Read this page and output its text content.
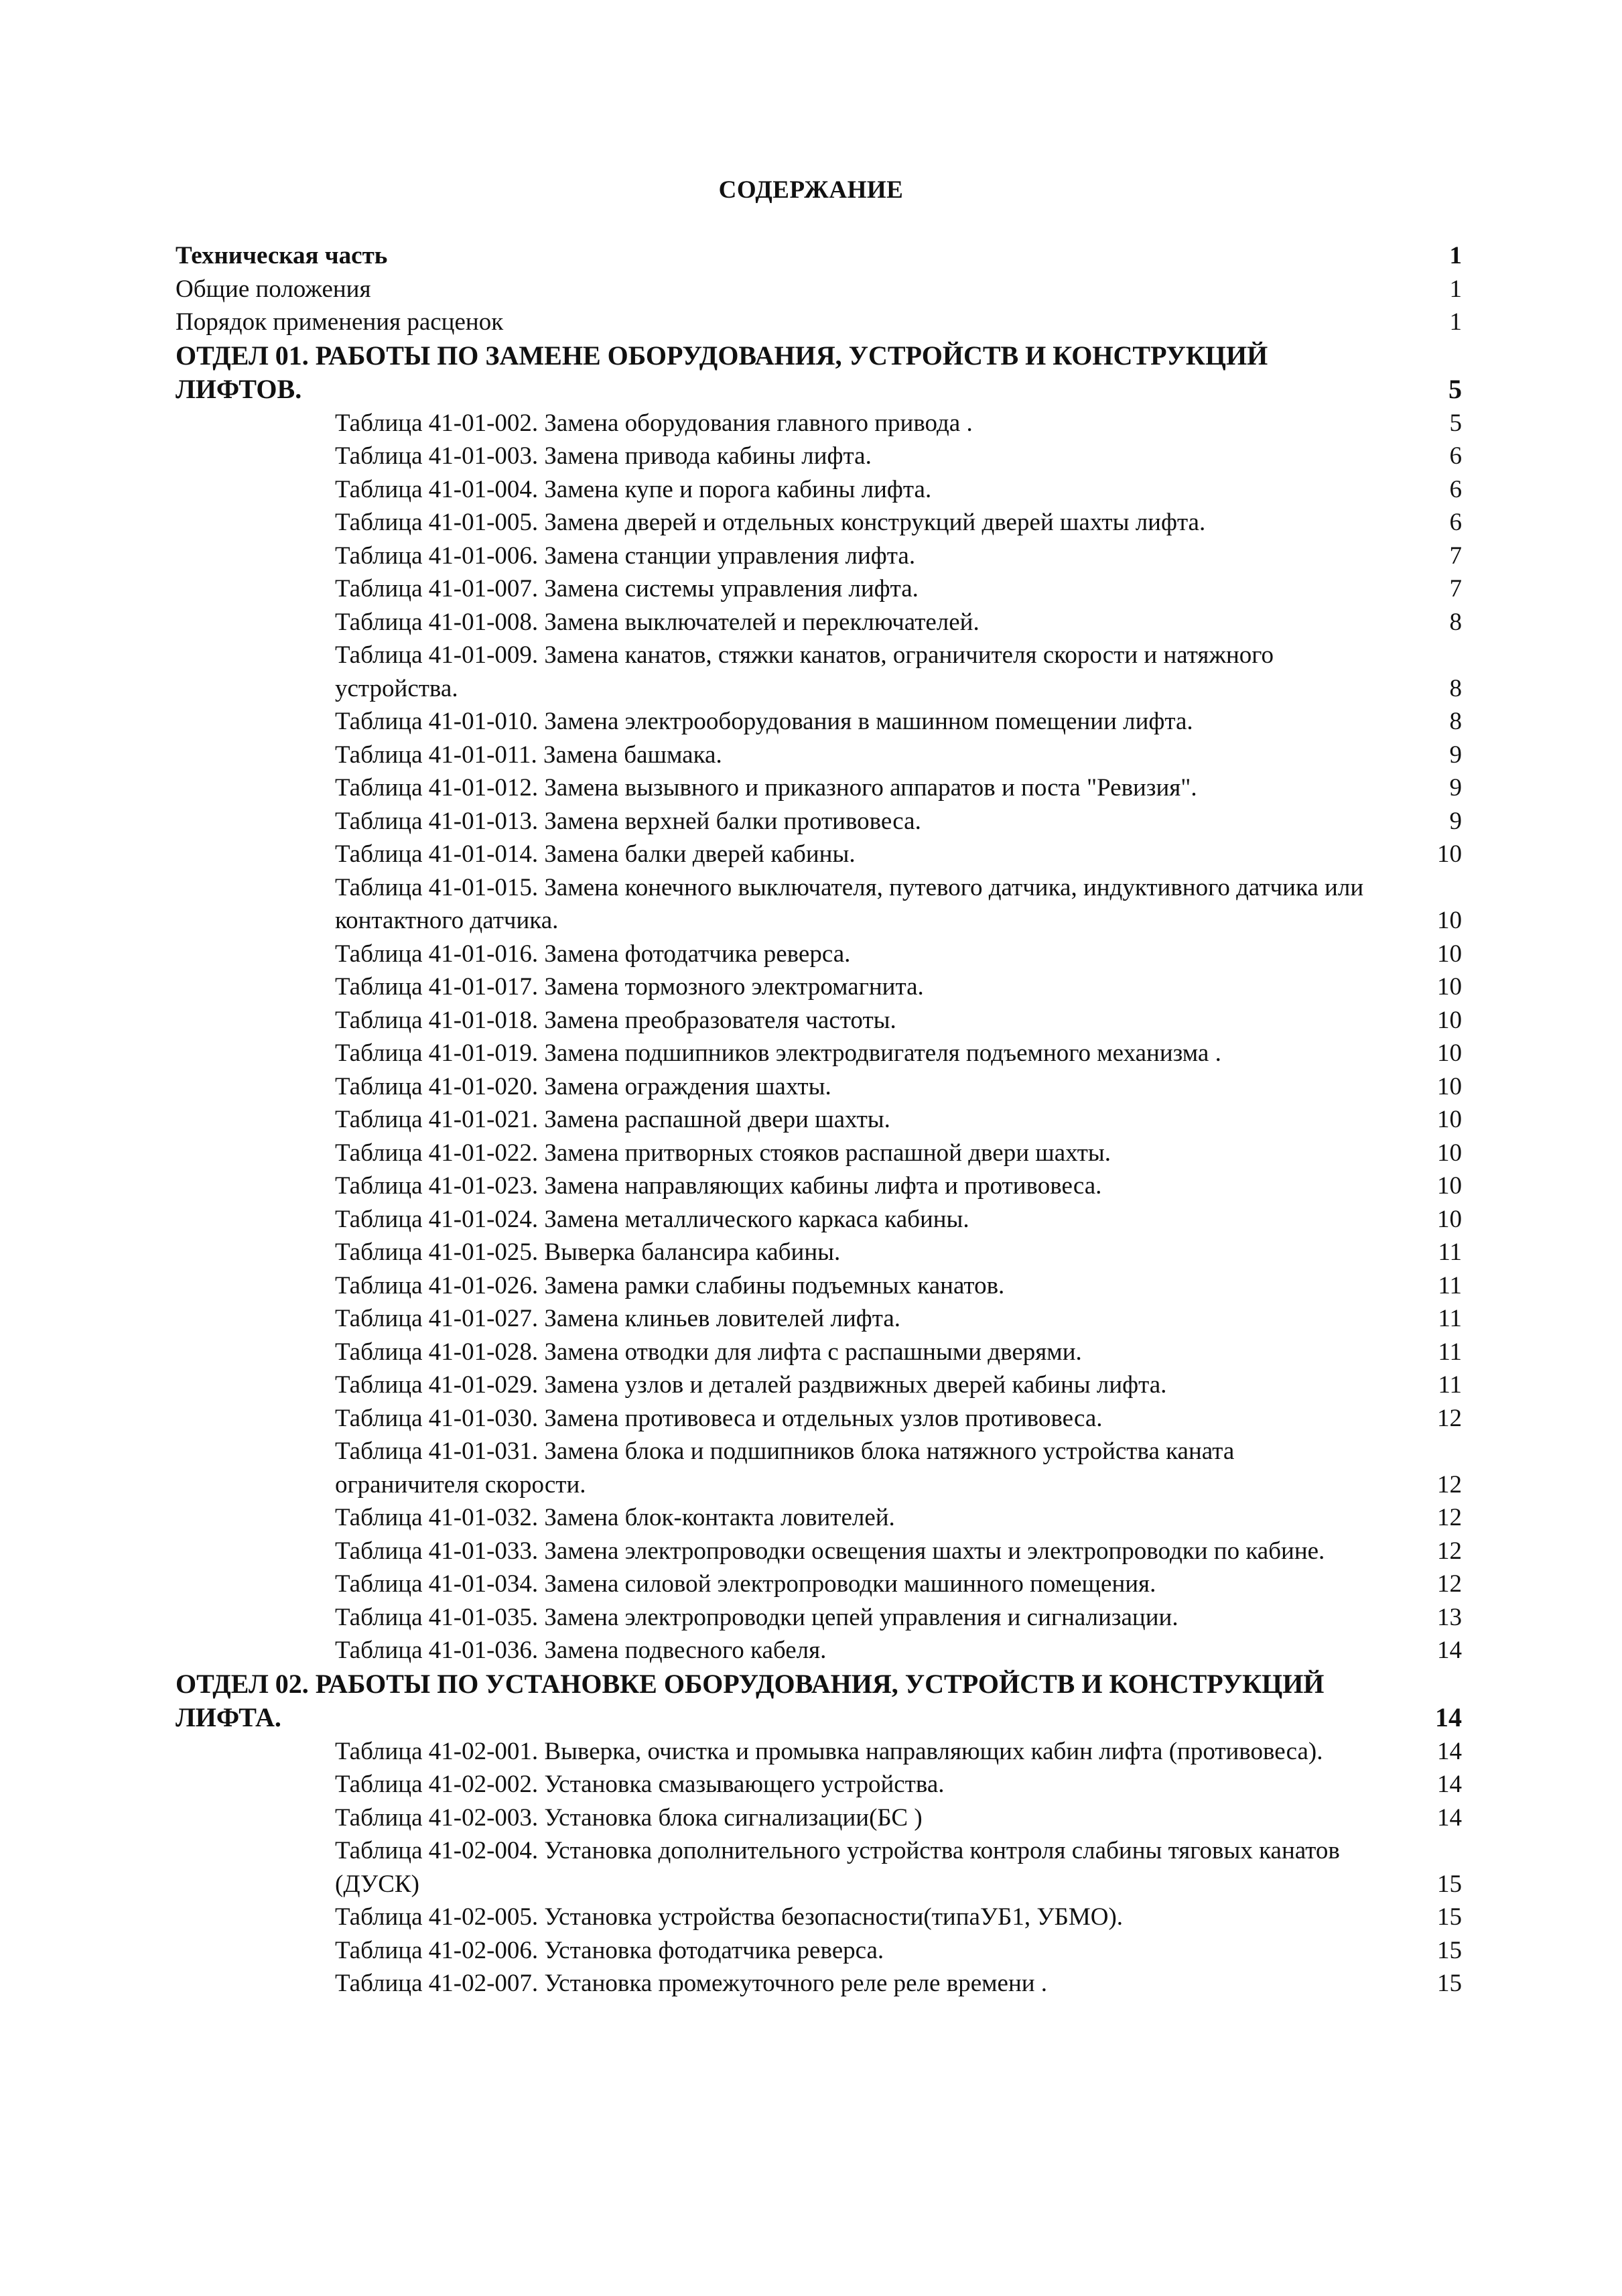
СОДЕРЖАНИЕ
Техническая часть	1
Общие положения	1
Порядок применения расценок	1
ОТДЕЛ 01. РАБОТЫ ПО ЗАМЕНЕ ОБОРУДОВАНИЯ, УСТРОЙСТВ И КОНСТРУКЦИЙ ЛИФТОВ.	5
Таблица 41-01-002. Замена оборудования главного привода .	5
Таблица 41-01-003. Замена привода кабины лифта.	6
Таблица 41-01-004. Замена купе и порога кабины лифта.	6
Таблица 41-01-005. Замена дверей и отдельных конструкций дверей шахты лифта.	6
Таблица 41-01-006. Замена станции управления лифта.	7
Таблица 41-01-007. Замена системы управления лифта.	7
Таблица 41-01-008. Замена выключателей и переключателей.	8
Таблица 41-01-009. Замена канатов, стяжки канатов, ограничителя скорости и натяжного устройства.	8
Таблица 41-01-010. Замена электрооборудования в машинном помещении лифта.	8
Таблица 41-01-011. Замена башмака.	9
Таблица 41-01-012. Замена вызывного и приказного аппаратов и поста "Ревизия".	9
Таблица 41-01-013. Замена верхней балки противовеса.	9
Таблица 41-01-014. Замена балки дверей кабины.	10
Таблица 41-01-015. Замена конечного выключателя, путевого датчика, индуктивного датчика или контактного датчика.	10
Таблица 41-01-016. Замена фотодатчика реверса.	10
Таблица 41-01-017. Замена тормозного электромагнита.	10
Таблица 41-01-018. Замена преобразователя частоты.	10
Таблица 41-01-019. Замена подшипников электродвигателя подъемного механизма .	10
Таблица 41-01-020. Замена ограждения шахты.	10
Таблица 41-01-021. Замена распашной двери шахты.	10
Таблица 41-01-022. Замена притворных стояков распашной двери шахты.	10
Таблица 41-01-023. Замена направляющих кабины лифта и противовеса.	10
Таблица 41-01-024. Замена металлического каркаса кабины.	10
Таблица 41-01-025. Выверка балансира кабины.	11
Таблица 41-01-026. Замена рамки слабины подъемных канатов.	11
Таблица 41-01-027. Замена клиньев ловителей лифта.	11
Таблица 41-01-028. Замена отводки для лифта с распашными дверями.	11
Таблица 41-01-029. Замена узлов и деталей раздвижных дверей кабины лифта.	11
Таблица 41-01-030. Замена противовеса и отдельных узлов противовеса.	12
Таблица 41-01-031. Замена блока и подшипников блока натяжного устройства каната ограничителя скорости.	12
Таблица 41-01-032. Замена блок-контакта ловителей.	12
Таблица 41-01-033. Замена электропроводки освещения шахты и электропроводки по кабине.	12
Таблица 41-01-034. Замена силовой электропроводки машинного помещения.	12
Таблица 41-01-035. Замена электропроводки цепей управления и сигнализации.	13
Таблица 41-01-036. Замена подвесного кабеля.	14
ОТДЕЛ 02. РАБОТЫ ПО УСТАНОВКЕ ОБОРУДОВАНИЯ, УСТРОЙСТВ И КОНСТРУКЦИЙ ЛИФТА.	14
Таблица 41-02-001. Выверка, очистка и промывка направляющих кабин лифта (противовеса).	14
Таблица 41-02-002. Установка смазывающего устройства.	14
Таблица 41-02-003. Установка блока сигнализации(БС )	14
Таблица 41-02-004. Установка дополнительного устройства контроля слабины тяговых канатов (ДУСК)	15
Таблица 41-02-005. Установка устройства безопасности(типаУБ1, УБМО).	15
Таблица 41-02-006. Установка фотодатчика реверса.	15
Таблица 41-02-007. Установка промежуточного реле реле времени .	15
